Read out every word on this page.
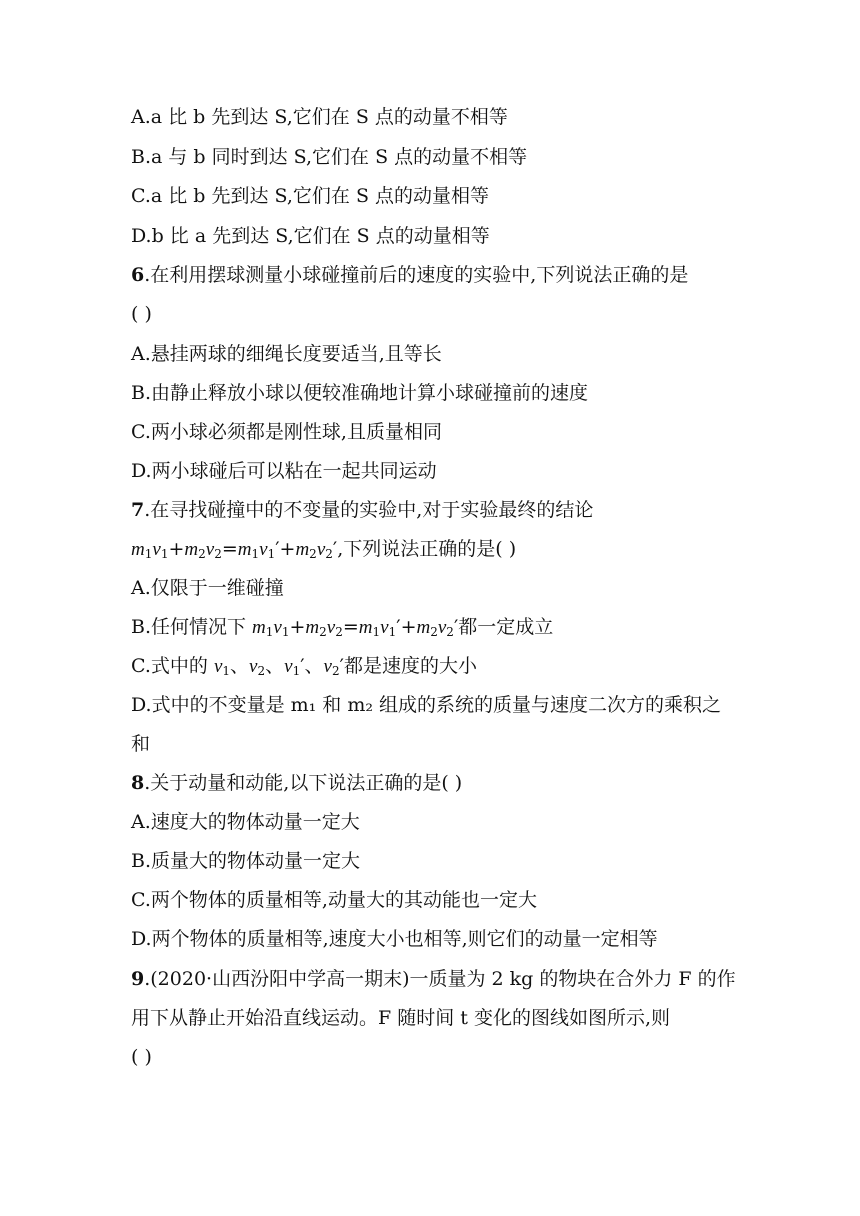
A.a 比 b 先到达 S,它们在 S 点的动量不相等
B.a 与 b 同时到达 S,它们在 S 点的动量不相等
C.a 比 b 先到达 S,它们在 S 点的动量相等
D.b 比 a 先到达 S,它们在 S 点的动量相等
6.在利用摆球测量小球碰撞前后的速度的实验中,下列说法正确的是
( )
A.悬挂两球的细绳长度要适当,且等长
B.由静止释放小球以便较准确地计算小球碰撞前的速度
C.两小球必须都是刚性球,且质量相同
D.两小球碰后可以粘在一起共同运动
7.在寻找碰撞中的不变量的实验中,对于实验最终的结论
$m_1v_1+m_2v_2=m_1v_1'+m_2v_2'$,下列说法正确的是( )
A.仅限于一维碰撞
B.任何情况下 $m_1v_1+m_2v_2=m_1v_1'+m_2v_2'$都一定成立
C.式中的 $v_1$、$v_2$、$v_1'$、$v_2'$都是速度的大小
D.式中的不变量是 m₁ 和 m₂ 组成的系统的质量与速度二次方的乘积之
和
8.关于动量和动能,以下说法正确的是( )
A.速度大的物体动量一定大
B.质量大的物体动量一定大
C.两个物体的质量相等,动量大的其动能也一定大
D.两个物体的质量相等,速度大小也相等,则它们的动量一定相等
9.(2020·山西汾阳中学高一期末)一质量为 2 kg 的物块在合外力 F 的作
用下从静止开始沿直线运动。F 随时间 t 变化的图线如图所示,则
( )
